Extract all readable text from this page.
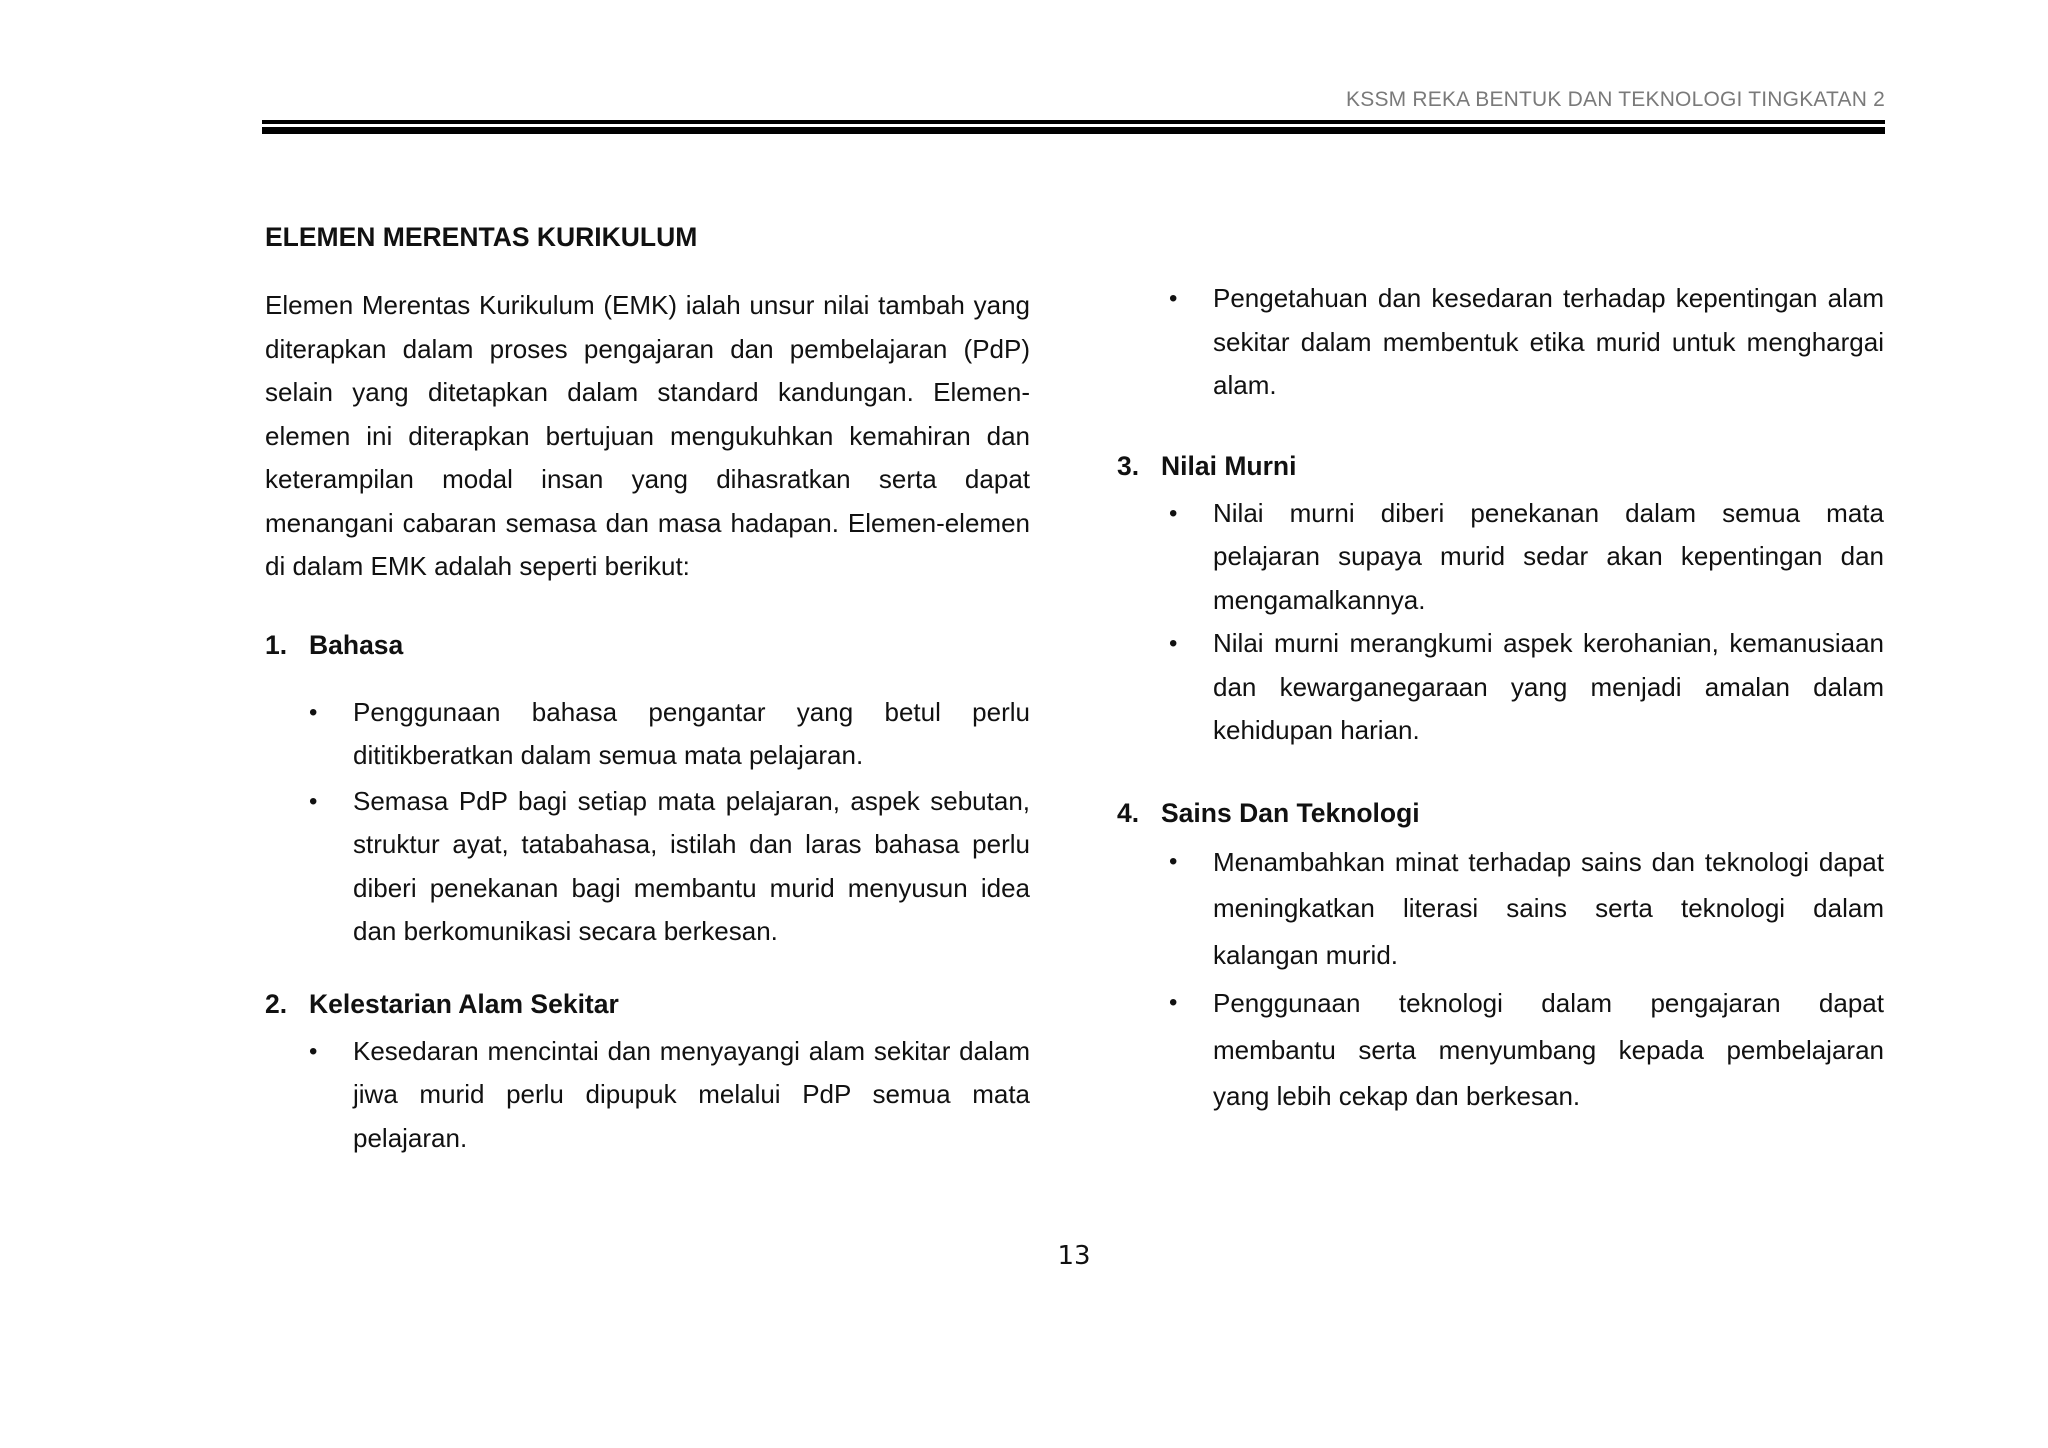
KSSM REKA BENTUK DAN TEKNOLOGI TINGKATAN 2
ELEMEN MERENTAS KURIKULUM

Elemen Merentas Kurikulum (EMK) ialah unsur nilai tambah yang diterapkan dalam proses pengajaran dan pembelajaran (PdP) selain yang ditetapkan dalam standard kandungan. Elemen-elemen ini diterapkan bertujuan mengukuhkan kemahiran dan keterampilan modal insan yang dihasratkan serta dapat menangani cabaran semasa dan masa hadapan. Elemen-elemen di dalam EMK adalah seperti berikut:

1. Bahasa
• Penggunaan bahasa pengantar yang betul perlu dititikberatkan dalam semua mata pelajaran.
• Semasa PdP bagi setiap mata pelajaran, aspek sebutan, struktur ayat, tatabahasa, istilah dan laras bahasa perlu diberi penekanan bagi membantu murid menyusun idea dan berkomunikasi secara berkesan.
2. Kelestarian Alam Sekitar
• Kesedaran mencintai dan menyayangi alam sekitar dalam jiwa murid perlu dipupuk melalui PdP semua mata pelajaran.
• Pengetahuan dan kesedaran terhadap kepentingan alam sekitar dalam membentuk etika murid untuk menghargai alam.
3. Nilai Murni
• Nilai murni diberi penekanan dalam semua mata pelajaran supaya murid sedar akan kepentingan dan mengamalkannya.
• Nilai murni merangkumi aspek kerohanian, kemanusiaan dan kewarganegaraan yang menjadi amalan dalam kehidupan harian.
4. Sains Dan Teknologi
• Menambahkan minat terhadap sains dan teknologi dapat meningkatkan literasi sains serta teknologi dalam kalangan murid.
• Penggunaan teknologi dalam pengajaran dapat membantu serta menyumbang kepada pembelajaran yang lebih cekap dan berkesan.
13
